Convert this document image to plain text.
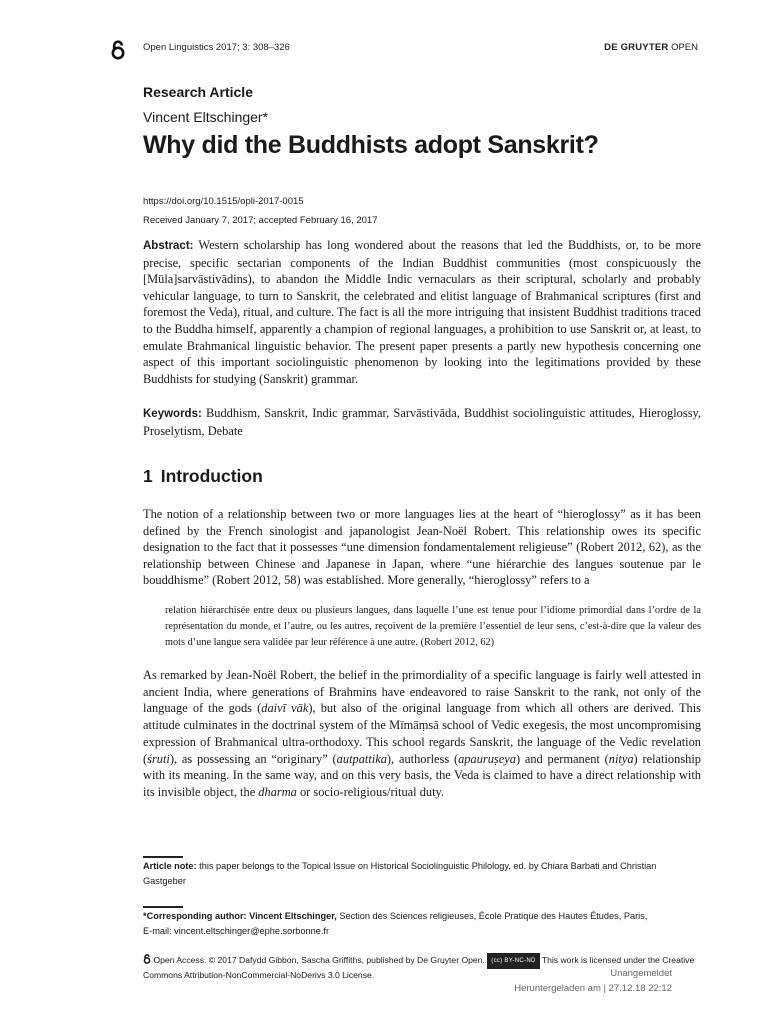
Open Linguistics 2017; 3: 308–326	DE GRUYTER OPEN
Research Article
Vincent Eltschinger*
Why did the Buddhists adopt Sanskrit?
https://doi.org/10.1515/opli-2017-0015
Received January 7, 2017; accepted February 16, 2017
Abstract: Western scholarship has long wondered about the reasons that led the Buddhists, or, to be more precise, specific sectarian components of the Indian Buddhist communities (most conspicuously the [Mūla]sarvāstivādins), to abandon the Middle Indic vernaculars as their scriptural, scholarly and probably vehicular language, to turn to Sanskrit, the celebrated and elitist language of Brahmanical scriptures (first and foremost the Veda), ritual, and culture. The fact is all the more intriguing that insistent Buddhist traditions traced to the Buddha himself, apparently a champion of regional languages, a prohibition to use Sanskrit or, at least, to emulate Brahmanical linguistic behavior. The present paper presents a partly new hypothesis concerning one aspect of this important sociolinguistic phenomenon by looking into the legitimations provided by these Buddhists for studying (Sanskrit) grammar.
Keywords: Buddhism, Sanskrit, Indic grammar, Sarvāstivāda, Buddhist sociolinguistic attitudes, Hieroglossy, Proselytism, Debate
1 Introduction
The notion of a relationship between two or more languages lies at the heart of “hieroglossy” as it has been defined by the French sinologist and japanologist Jean-Noël Robert. This relationship owes its specific designation to the fact that it possesses “une dimension fondamentalement religieuse” (Robert 2012, 62), as the relationship between Chinese and Japanese in Japan, where “une hiérarchie des langues soutenue par le bouddhisme” (Robert 2012, 58) was established. More generally, “hieroglossy” refers to a
relation hiérarchisée entre deux ou plusieurs langues, dans laquelle l’une est tenue pour l’idiome primordial dans l’ordre de la représentation du monde, et l’autre, ou les autres, reçoivent de la première l’essentiel de leur sens, c’est-à-dire que la valeur des mots d’une langue sera validée par leur référence à une autre. (Robert 2012, 62)
As remarked by Jean-Noël Robert, the belief in the primordiality of a specific language is fairly well attested in ancient India, where generations of Brahmins have endeavored to raise Sanskrit to the rank, not only of the language of the gods (daivī vāk), but also of the original language from which all others are derived. This attitude culminates in the doctrinal system of the Mīmāṃsā school of Vedic exegesis, the most uncompromising expression of Brahmanical ultra-orthodoxy. This school regards Sanskrit, the language of the Vedic revelation (śruti), as possessing an “originary” (autpattika), authorless (apauruṣeya) and permanent (nitya) relationship with its meaning. In the same way, and on this very basis, the Veda is claimed to have a direct relationship with its invisible object, the dharma or socio-religious/ritual duty.
Article note: this paper belongs to the Topical Issue on Historical Sociolinguistic Philology, ed. by Chiara Barbati and Christian Gastgeber
*Corresponding author: Vincent Eltschinger, Section des Sciences religieuses, École Pratique des Hautes Études, Paris,
E-mail: vincent.eltschinger@ephe.sorbonne.fr
Open Access. © 2017 Dafydd Gibbon, Sascha Griffiths, published by De Gruyter Open. (cc) BY-NC-ND This work is licensed under the Creative Commons Attribution-NonCommercial-NoDerivs 3.0 License.	Unangemeldet
Heruntergeladen am | 27.12.18 22:12
